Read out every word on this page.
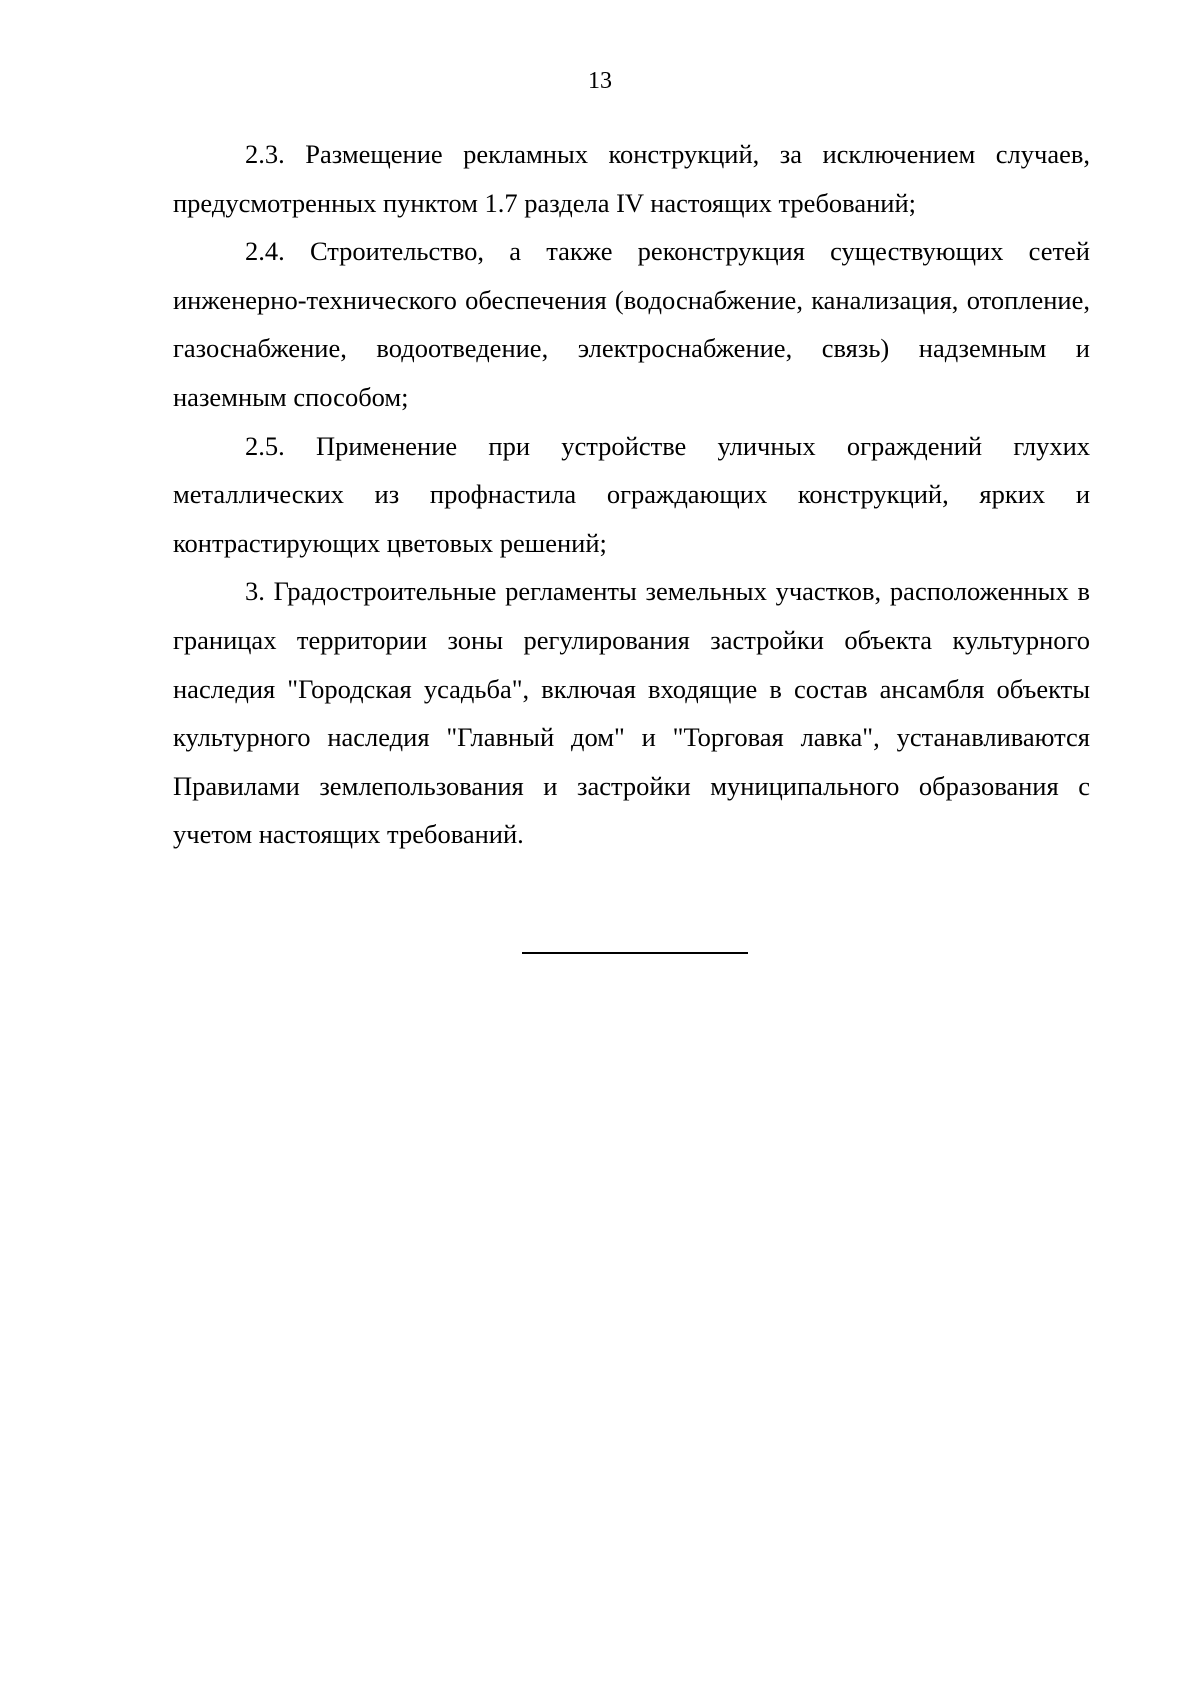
13

2.3. Размещение рекламных конструкций, за исключением случаев, предусмотренных пунктом 1.7 раздела IV настоящих требований;

2.4. Строительство, а также реконструкция существующих сетей инженерно-технического обеспечения (водоснабжение, канализация, отопление, газоснабжение, водоотведение, электроснабжение, связь) надземным и наземным способом;

2.5. Применение при устройстве уличных ограждений глухих металлических из профнастила ограждающих конструкций, ярких и контрастирующих цветовых решений;

3. Градостроительные регламенты земельных участков, расположенных в границах территории зоны регулирования застройки объекта культурного наследия "Городская усадьба", включая входящие в состав ансамбля объекты культурного наследия "Главный дом" и "Торговая лавка", устанавливаются Правилами землепользования и застройки муниципального образования с учетом настоящих требований.
